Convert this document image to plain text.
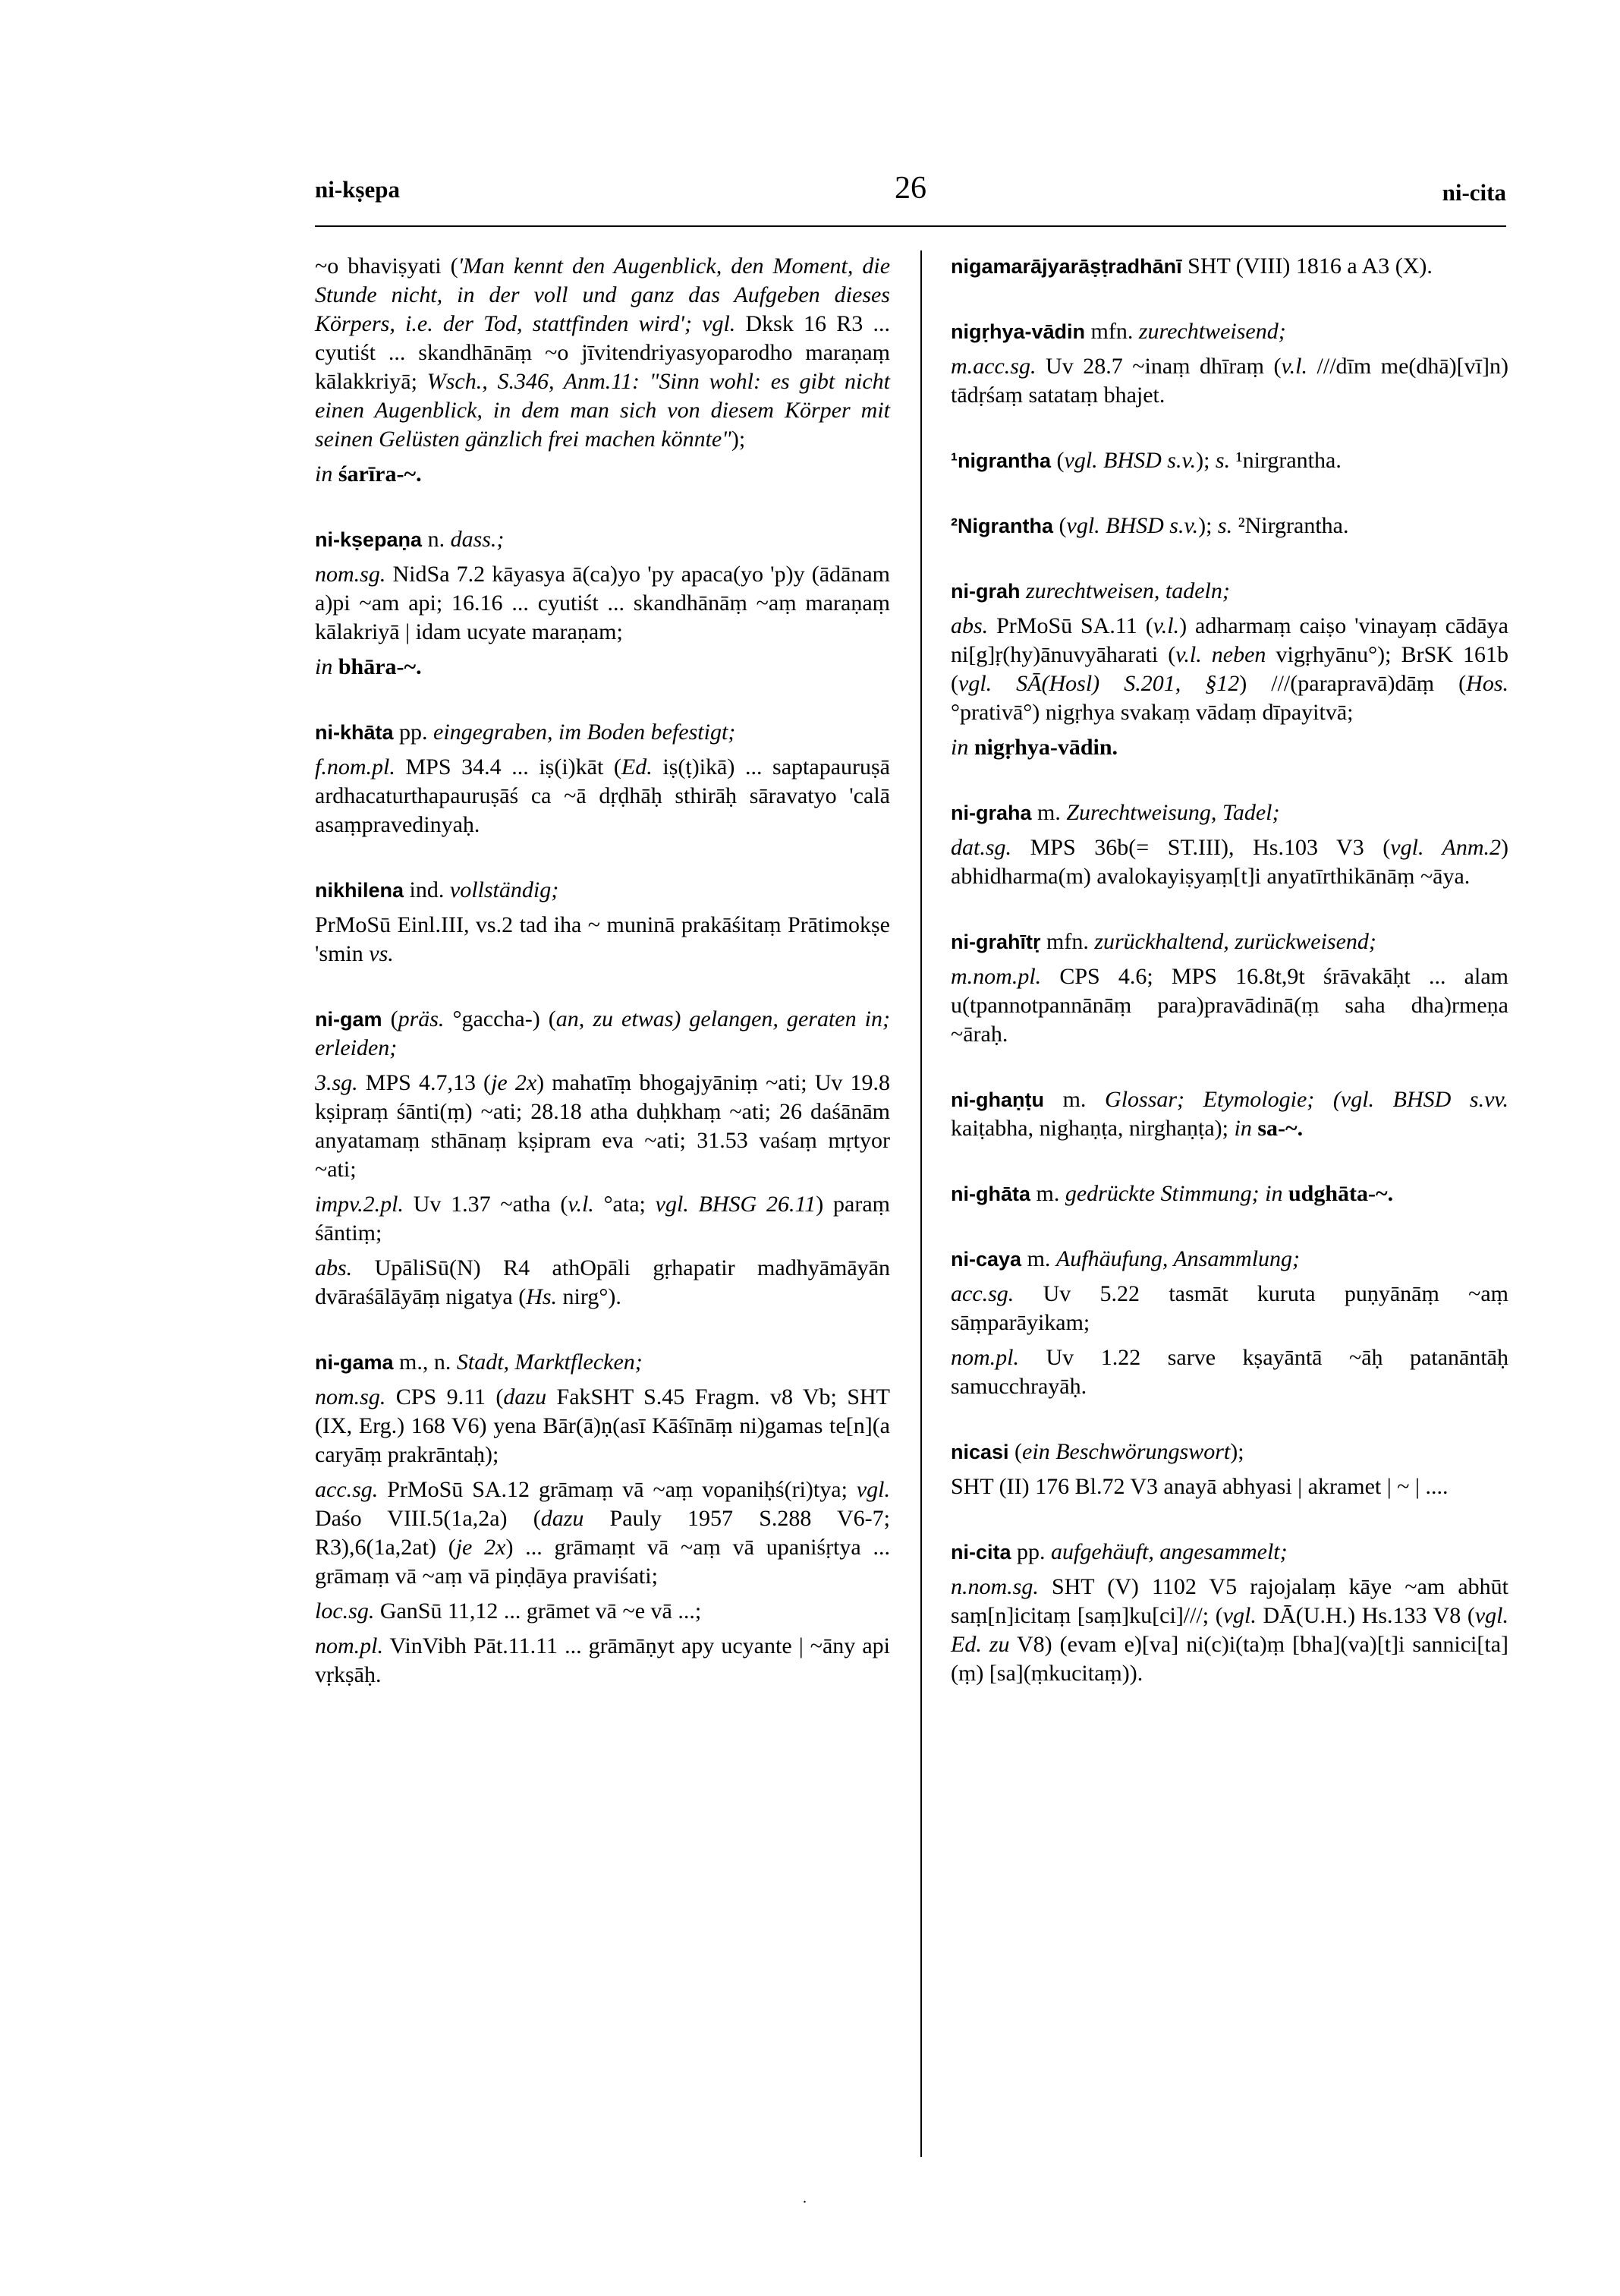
ni-kṣepa	26	ni-cita

~o bhaviṣyati ('Man kennt den Augenblick, den Moment, die Stunde nicht, in der voll und ganz das Aufgeben dieses Körpers, i.e. der Tod, stattfinden wird'; vgl. Dksk 16 R3 ... cyutiśt ... skandhānāṃ ~o jīvitendriyasyoparodho maraṇaṃ kālakkriyā; Wsch., S.346, Anm.11: "Sinn wohl: es gibt nicht einen Augenblick, in dem man sich von diesem Körper mit seinen Gelüsten gänzlich frei machen könnte");

in śarīra-~.

ni-kṣepaṇa n. dass.;

nom.sg. NidSa 7.2 kāyasya ā(ca)yo 'py apaca(yo 'p)y (ādānam a)pi ~am api; 16.16 ... cyutiśt ... skandhānāṃ ~aṃ maraṇaṃ kālakriyā | idam ucyate maraṇam;

in bhāra-~.

ni-khāta pp. eingegraben, im Boden befestigt;

f.nom.pl. MPS 34.4 ... iṣ(i)kāt (Ed. iṣ(ṭ)ikā) ... saptapauruṣā ardhacaturthapauruṣāś ca ~ā dṛḍhāḥ sthirāḥ sāravatyo 'calā asaṃpravedinyaḥ.

nikhilena ind. vollständig;

PrMoSū Einl.III, vs.2 tad iha ~ muninā prakāśitaṃ Prātimokṣe 'smin vs.

ni-gam (präs. °gaccha-) (an, zu etwas) gelangen, geraten in; erleiden;

3.sg. MPS 4.7,13 (je 2x) mahatīṃ bhogajyāniṃ ~ati; Uv 19.8 kṣipraṃ śānti(ṃ) ~ati; 28.18 atha duḥkhaṃ ~ati; 26 daśānām anyatamaṃ sthānaṃ kṣipram eva ~ati; 31.53 vaśaṃ mṛtyor ~ati;

impv.2.pl. Uv 1.37 ~atha (v.l. °ata; vgl. BHSG 26.11) paraṃ śāntiṃ;

abs. UpāliSū(N) R4 athOpāli gṛhapatir madhyāmāyān dvāraśālāyāṃ nigatya (Hs. nirg°).

ni-gama m., n. Stadt, Marktflecken;

nom.sg. CPS 9.11 (dazu FakSHT S.45 Fragm. v8 Vb; SHT (IX, Erg.) 168 V6) yena Bār(ā)ṇ(asī Kāśīnāṃ ni)gamas te[n](a caryāṃ prakrāntaḥ);

acc.sg. PrMoSū SA.12 grāmaṃ vā ~aṃ vopaniḥś(ri)tya; vgl. Daśo VIII.5(1a,2a) (dazu Pauly 1957 S.288 V6-7; R3),6(1a,2at) (je 2x) ... grāmaṃt vā ~aṃ vā upaniśṛtya ... grāmaṃ vā ~aṃ vā piṇḍāya praviśati;

loc.sg. GanSū 11,12 ... grāmet vā ~e vā ...;

nom.pl. VinVibh Pāt.11.11 ... grāmāṇyt apy ucyante | ~āny api vṛkṣāḥ.

nigamarājyarāṣṭradhānī SHT (VIII) 1816 a A3 (X).

nigṛhya-vādin mfn. zurechtweisend;

m.acc.sg. Uv 28.7 ~inaṃ dhīraṃ (v.l. ///dīm me(dhā)[vī]n) tādṛśaṃ satataṃ bhajet.

¹nigrantha (vgl. BHSD s.v.); s. ¹nirgrantha.

²Nigrantha (vgl. BHSD s.v.); s. ²Nirgrantha.

ni-grah zurechtweisen, tadeln;

abs. PrMoSū SA.11 (v.l.) adharmaṃ caiṣo 'vinayaṃ cādāya ni[g]ṛ(hy)ānuvyāharati (v.l. neben vigṛhyānu°); BrSK 161b (vgl. SĀ(Hosl) S.201, §12) ///(parapravā)dāṃ (Hos. °prativā°) nigṛhya svakaṃ vādaṃ dīpayitvā;

in nigṛhya-vādin.

ni-graha m. Zurechtweisung, Tadel;

dat.sg. MPS 36b(= ST.III), Hs.103 V3 (vgl. Anm.2) abhidharma(m) avalokayiṣyaṃ[t]i anyatīrthikānāṃ ~āya.

ni-grahītṛ mfn. zurückhaltend, zurückweisend;

m.nom.pl. CPS 4.6; MPS 16.8t,9t śrāvakāḥt ... alam u(tpannotpannānāṃ para)pravādinā(ṃ saha dha)rmeṇa ~āraḥ.

ni-ghaṇṭu m. Glossar; Etymologie; (vgl. BHSD s.vv. kaiṭabha, nighaṇṭa, nirghaṇṭa); in sa-~.

ni-ghāta m. gedrückte Stimmung; in udghāta-~.

ni-caya m. Aufhäufung, Ansammlung;

acc.sg. Uv 5.22 tasmāt kuruta puṇyānāṃ ~aṃ sāṃparāyikam;

nom.pl. Uv 1.22 sarve kṣayāntā ~āḥ patanāntāḥ samucchrayāḥ.

nicasi (ein Beschwörungswort);

SHT (II) 176 Bl.72 V3 anayā abhyasi | akramet | ~ | ....

ni-cita pp. aufgehäuft, angesammelt;

n.nom.sg. SHT (V) 1102 V5 rajojalaṃ kāye ~am abhūt saṃ[n]icitaṃ [saṃ]ku[ci]///; (vgl. DĀ(U.H.) Hs.133 V8 (vgl. Ed. zu V8) (evam e)[va] ni(c)i(ta)ṃ [bha](va)[t]i sannici[ta](ṃ) [sa](ṃkucitaṃ)).

.
